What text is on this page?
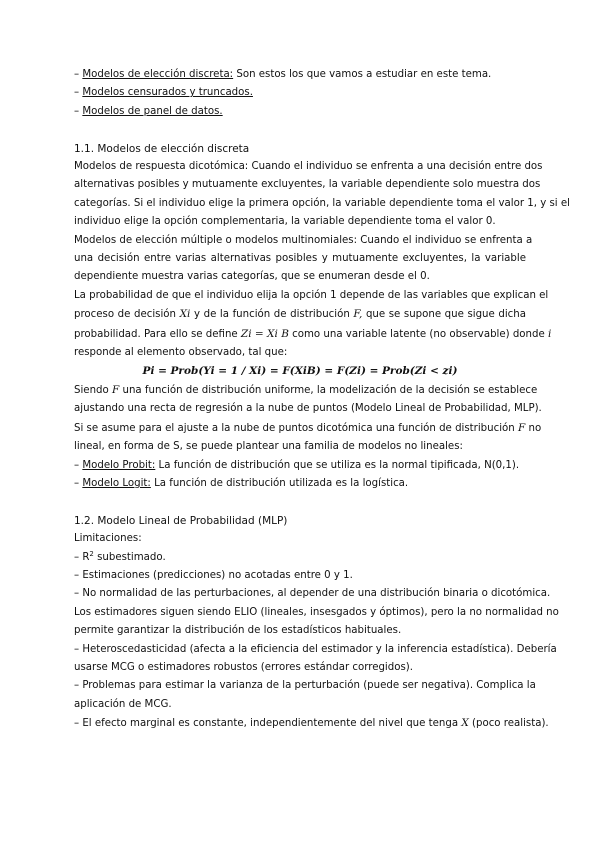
– Modelos de elección discreta: Son estos los que vamos a estudiar en este tema.
– Modelos censurados y truncados.
– Modelos de panel de datos.
1.1. Modelos de elección discreta
Modelos de respuesta dicotómica: Cuando el individuo se enfrenta a una decisión entre dos
alternativas posibles y mutuamente excluyentes, la variable dependiente solo muestra dos
categorías. Si el individuo elige la primera opción, la variable dependiente toma el valor 1, y si el
individuo elige la opción complementaria, la variable dependiente toma el valor 0.
Modelos de elección múltiple o modelos multinomiales: Cuando el individuo se enfrenta a
una decisión entre varias alternativas posibles y mutuamente excluyentes, la variable
dependiente muestra varias categorías, que se enumeran desde el 0.
La probabilidad de que el individuo elija la opción 1 depende de las variables que explican el
proceso de decisión Xi y de la función de distribución F, que se supone que sigue dicha
probabilidad. Para ello se define Zi = Xi B como una variable latente (no observable) donde i
responde al elemento observado, tal que:
Pi = Prob(Yi = 1 / Xi) = F(XiB) = F(Zi) = Prob(Zi < zi)
Siendo F una función de distribución uniforme, la modelización de la decisión se establece
ajustando una recta de regresión a la nube de puntos (Modelo Lineal de Probabilidad, MLP).
Si se asume para el ajuste a la nube de puntos dicotómica una función de distribución F no
lineal, en forma de S, se puede plantear una familia de modelos no lineales:
– Modelo Probit: La función de distribución que se utiliza es la normal tipificada, N(0,1).
– Modelo Logit: La función de distribución utilizada es la logística.
1.2. Modelo Lineal de Probabilidad (MLP)
Limitaciones:
– $R^2$ subestimado.
– Estimaciones (predicciones) no acotadas entre 0 y 1.
– No normalidad de las perturbaciones, al depender de una distribución binaria o dicotómica.
Los estimadores siguen siendo ELIO (lineales, insesgados y óptimos), pero la no normalidad no
permite garantizar la distribución de los estadísticos habituales.
– Heteroscedasticidad (afecta a la eficiencia del estimador y la inferencia estadística). Debería
usarse MCG o estimadores robustos (errores estándar corregidos).
– Problemas para estimar la varianza de la perturbación (puede ser negativa). Complica la
aplicación de MCG.
– El efecto marginal es constante, independientemente del nivel que tenga X (poco realista).
